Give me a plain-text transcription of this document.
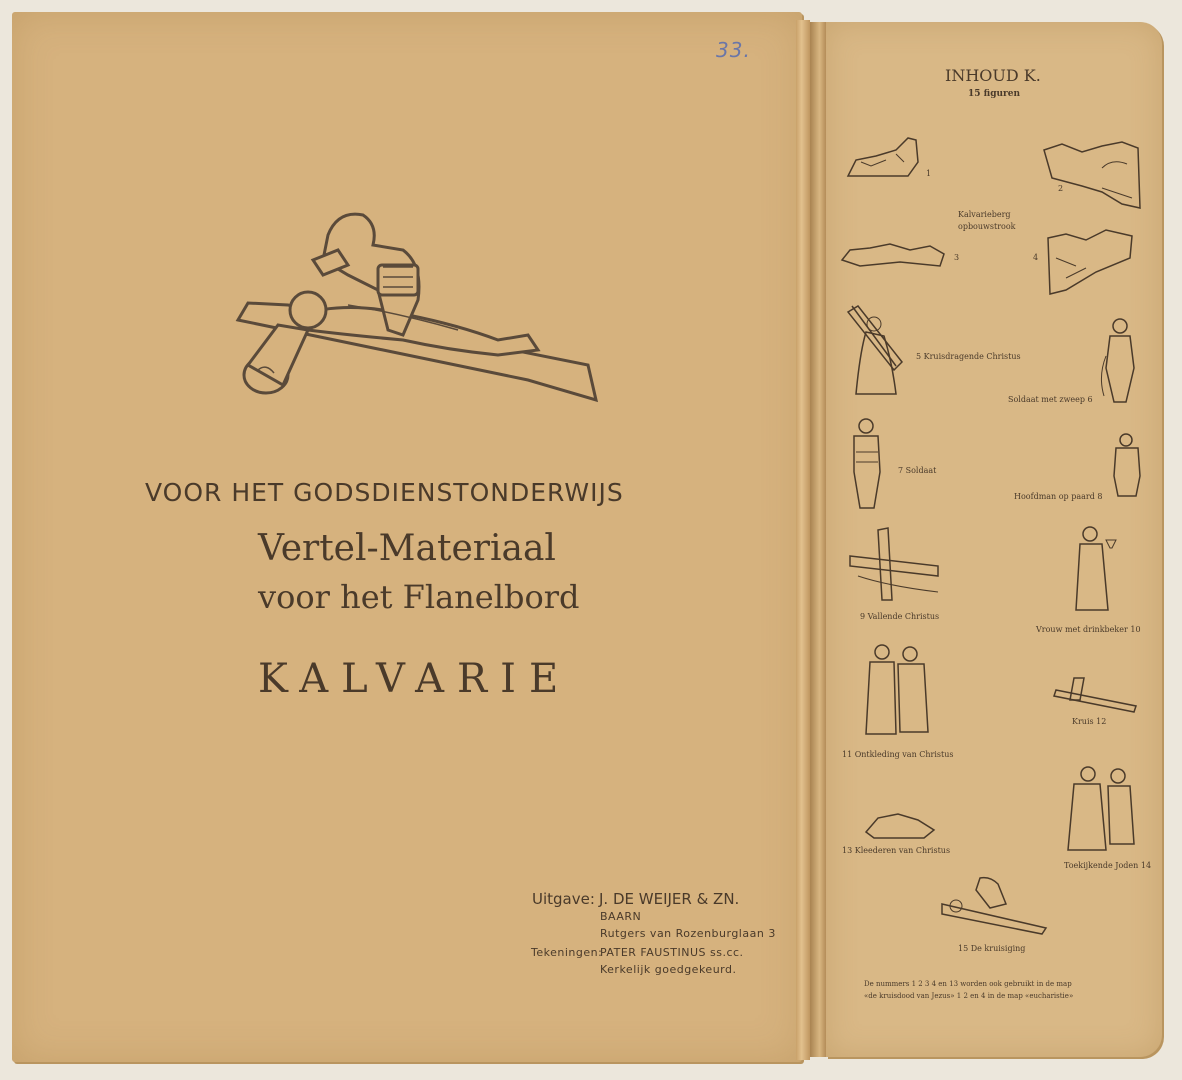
33.
VOOR HET GODSDIENSTONDERWIJS
Vertel-Materiaal
voor het Flanelbord
KALVARIE
Uitgave: J. DE WEIJER & ZN.
BAARN
Rutgers van Rozenburglaan 3
Tekeningen:
PATER FAUSTINUS ss.cc.
Kerkelijk goedgekeurd.
INHOUD K.
15 figuren
1
2
Kalvarieberg
opbouwstrook
3	4
5 Kruisdragende Christus
Soldaat met zweep 6
7 Soldaat
Hoofdman op paard 8
9 Vallende Christus
Vrouw met drinkbeker 10
11 Ontkleding van Christus
Kruis 12
13 Kleederen van Christus
Toekijkende Joden 14
15 De kruisiging
De nummers 1 2 3 4 en 13 worden ook gebruikt in de map
«de kruisdood van Jezus» 1 2 en 4 in de map «eucharistie»
